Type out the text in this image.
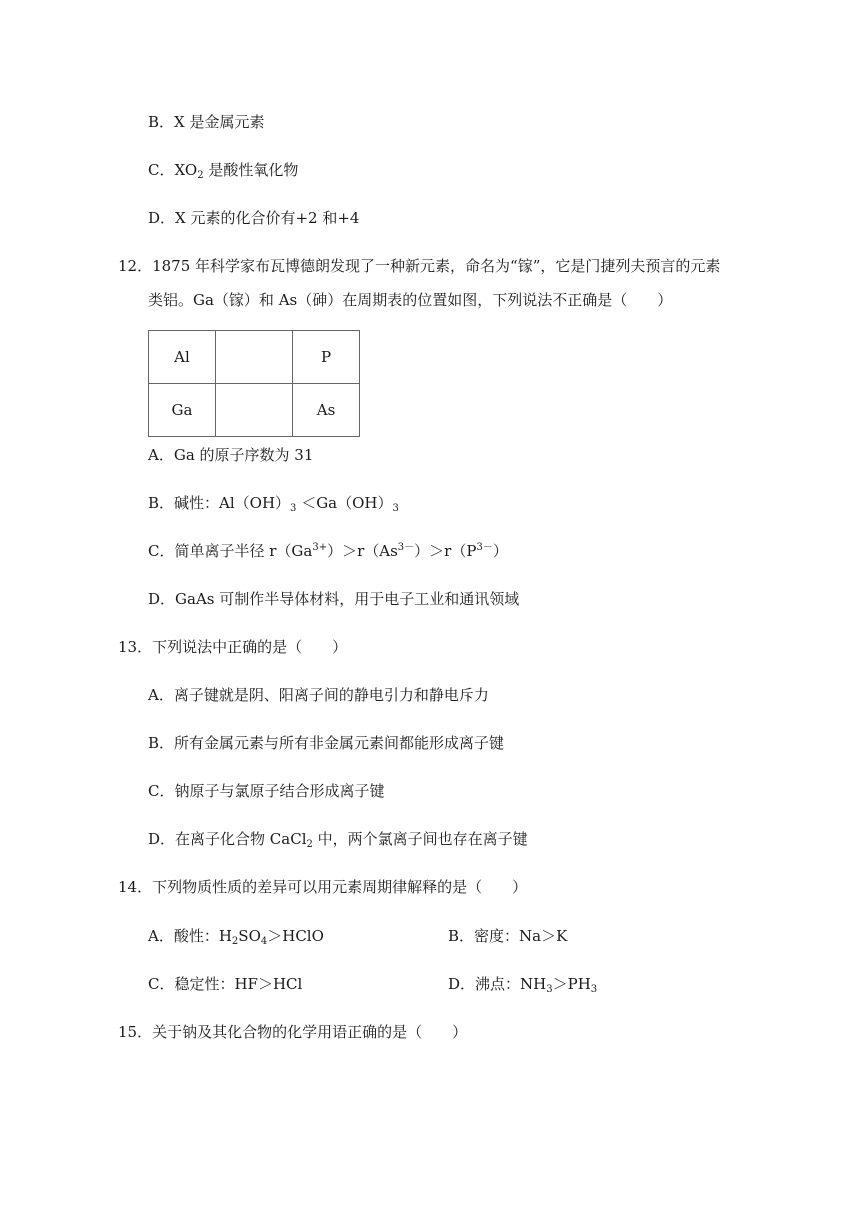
B．X 是金属元素
C．$XO_2$ 是酸性氧化物
D．X 元素的化合价有+2 和+4
12．1875 年科学家布瓦博德朗发现了一种新元素，命名为“镓”，它是门捷列夫预言的元素
类铝。Ga（镓）和 As（砷）在周期表的位置如图，下列说法不正确是（　　）
Al		P
Ga		As
A．Ga 的原子序数为 31
B．碱性：$Al(OH)_3 <Ga(OH)_3$
C．简单离子半径 $r(Ga^{3+})>r(As^{3-})>r(P^{3-})$
D．GaAs 可制作半导体材料，用于电子工业和通讯领域
13．下列说法中正确的是（　　）
A．离子键就是阴、阳离子间的静电引力和静电斥力
B．所有金属元素与所有非金属元素间都能形成离子键
C．钠原子与氯原子结合形成离子键
D．在离子化合物 CaCl$_2$ 中，两个氯离子间也存在离子键
14．下列物质性质的差异可以用元素周期律解释的是（　　）
A．酸性：$H_2SO_4>HClO$	B．密度：Na＞K
C．稳定性：HF＞HCl	D．沸点：$NH_3>PH_3$
15．关于钠及其化合物的化学用语正确的是（　　）
